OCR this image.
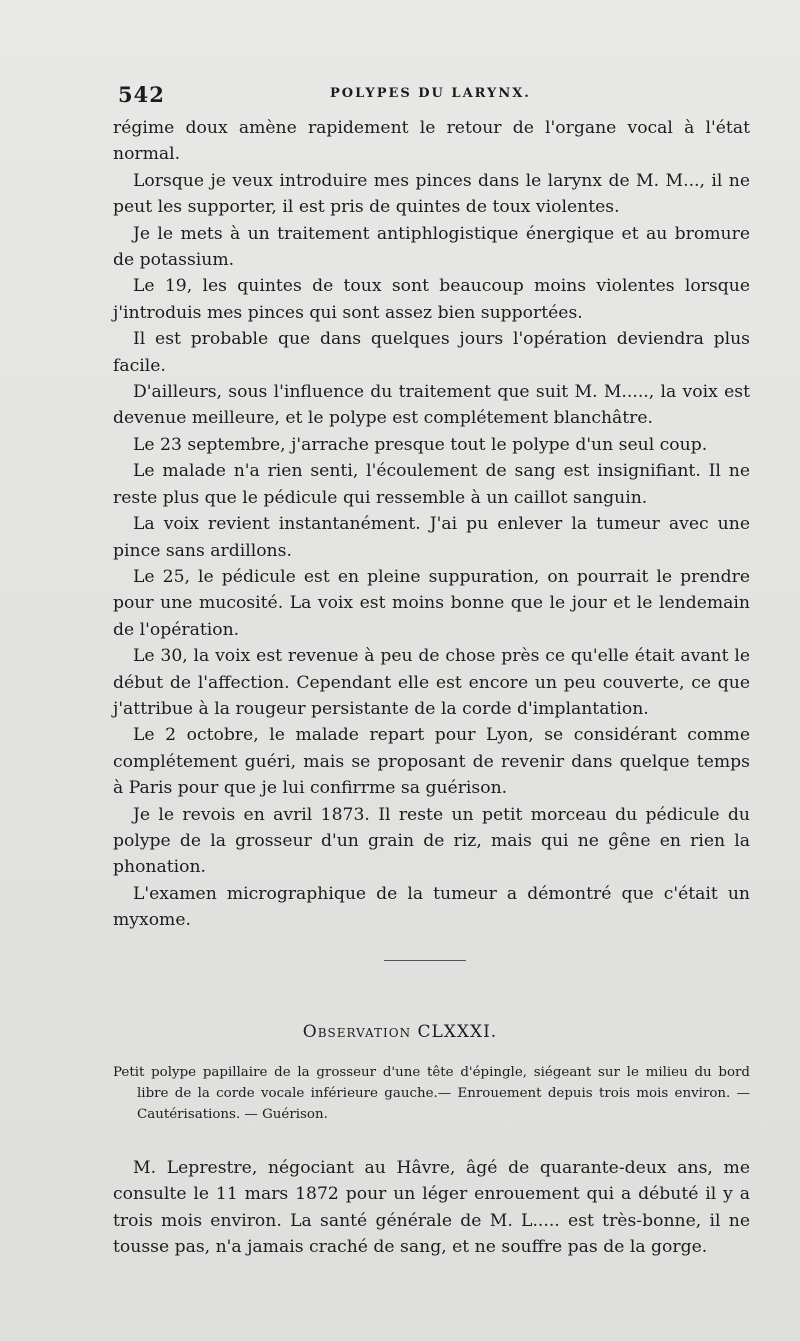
542	POLYPES DU LARYNX.

régime doux amène rapidement le retour de l'organe vocal à l'état normal.

Lorsque je veux introduire mes pinces dans le larynx de M. M..., il ne peut les supporter, il est pris de quintes de toux violentes.

Je le mets à un traitement antiphlogistique énergique et au bromure de potassium.

Le 19, les quintes de toux sont beaucoup moins violentes lorsque j'introduis mes pinces qui sont assez bien supportées.

Il est probable que dans quelques jours l'opération deviendra plus facile.

D'ailleurs, sous l'influence du traitement que suit M. M....., la voix est devenue meilleure, et le polype est complétement blanchâtre.

Le 23 septembre, j'arrache presque tout le polype d'un seul coup.

Le malade n'a rien senti, l'écoulement de sang est insignifiant. Il ne reste plus que le pédicule qui ressemble à un caillot sanguin.

La voix revient instantanément. J'ai pu enlever la tumeur avec une pince sans ardillons.

Le 25, le pédicule est en pleine suppuration, on pourrait le prendre pour une mucosité. La voix est moins bonne que le jour et le lendemain de l'opération.

Le 30, la voix est revenue à peu de chose près ce qu'elle était avant le début de l'affection. Cependant elle est encore un peu couverte, ce que j'attribue à la rougeur persistante de la corde d'implantation.

Le 2 octobre, le malade repart pour Lyon, se considérant comme complétement guéri, mais se proposant de revenir dans quelque temps à Paris pour que je lui confirrme sa guérison.

Je le revois en avril 1873. Il reste un petit morceau du pédicule du polype de la grosseur d'un grain de riz, mais qui ne gêne en rien la phonation.

L'examen micrographique de la tumeur a démontré que c'était un myxome.

Observation CLXXXI.

Petit polype papillaire de la grosseur d'une tête d'épingle, siégeant sur le milieu du bord libre de la corde vocale inférieure gauche.— Enrouement depuis trois mois environ. — Cautérisations. — Guérison.

M. Leprestre, négociant au Hâvre, âgé de quarante-deux ans, me consulte le 11 mars 1872 pour un léger enrouement qui a débuté il y a trois mois environ. La santé générale de M. L..... est très-bonne, il ne tousse pas, n'a jamais craché de sang, et ne souffre pas de la gorge.
